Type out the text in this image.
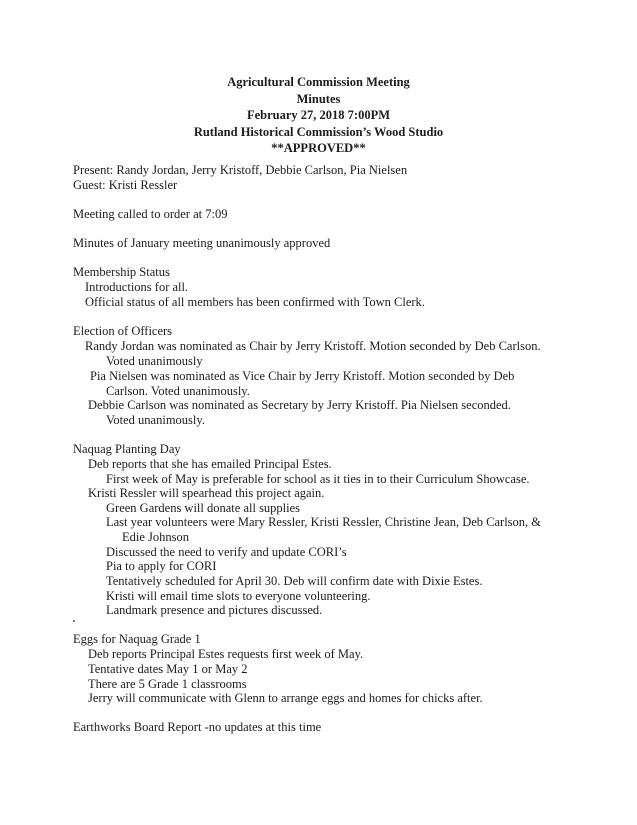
Agricultural Commission Meeting
Minutes
February 27, 2018 7:00PM
Rutland Historical Commission’s Wood Studio
**APPROVED**
Present: Randy Jordan, Jerry Kristoff, Debbie Carlson, Pia Nielsen
Guest: Kristi Ressler
Meeting called to order at 7:09
Minutes of January meeting unanimously approved
Membership Status
Introductions for all.
Official status of all members has been confirmed with Town Clerk.
Election of Officers
Randy Jordan was nominated as Chair by Jerry Kristoff. Motion seconded by Deb Carlson.
Voted unanimously
Pia Nielsen was nominated as Vice Chair by Jerry Kristoff. Motion seconded by Deb
Carlson. Voted unanimously.
Debbie Carlson was nominated as Secretary by Jerry Kristoff. Pia Nielsen seconded.
Voted unanimously.
Naquag Planting Day
Deb reports that she has emailed Principal Estes.
First week of May is preferable for school as it ties in to their Curriculum Showcase.
Kristi Ressler will spearhead this project again.
Green Gardens will donate all supplies
Last year volunteers were Mary Ressler, Kristi Ressler, Christine Jean, Deb Carlson, &
Edie Johnson
Discussed the need to verify and update CORI’s
Pia to apply for CORI
Tentatively scheduled for April 30. Deb will confirm date with Dixie Estes.
Kristi will email time slots to everyone volunteering.
Landmark presence and pictures discussed.
Eggs for Naquag Grade 1
Deb reports Principal Estes requests first week of May.
Tentative dates May 1 or May 2
There are 5 Grade 1 classrooms
Jerry will communicate with Glenn to arrange eggs and homes for chicks after.
Earthworks Board Report -no updates at this time
